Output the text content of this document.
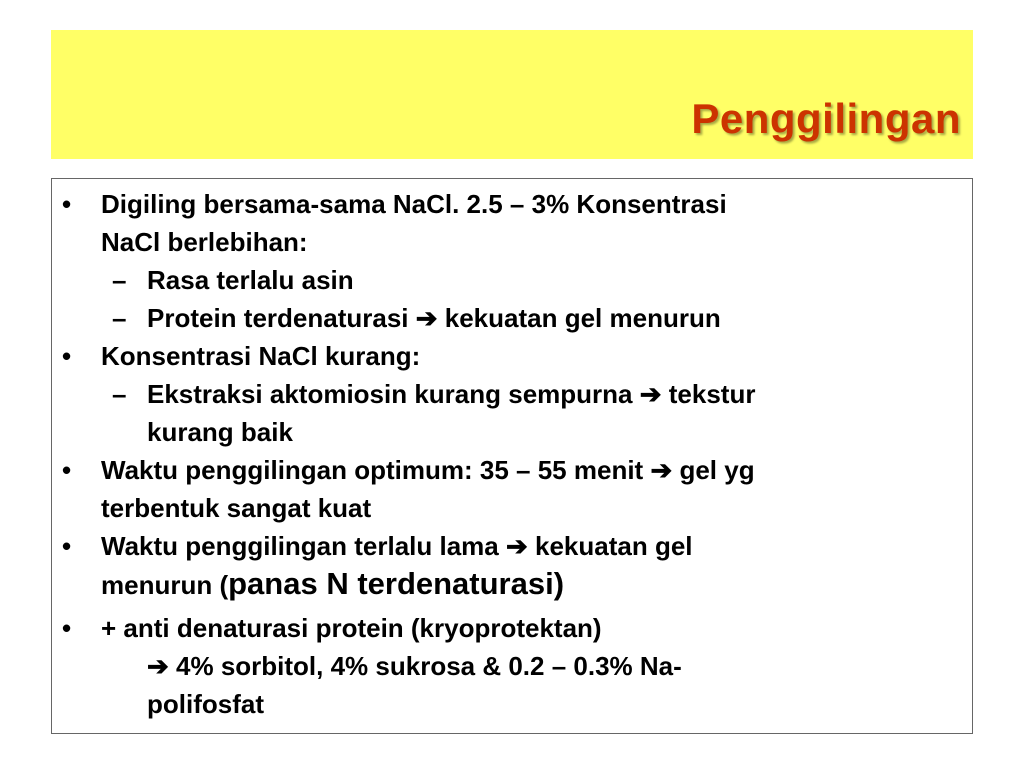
Penggilingan
• Digiling bersama-sama NaCl. 2.5 – 3% Konsentrasi
NaCl berlebihan:
– Rasa terlalu asin
– Protein terdenaturasi ➔ kekuatan gel menurun
• Konsentrasi NaCl kurang:
– Ekstraksi aktomiosin kurang sempurna ➔ tekstur
kurang baik
• Waktu penggilingan optimum: 35 – 55 menit ➔ gel yg
terbentuk sangat kuat
• Waktu penggilingan terlalu lama ➔ kekuatan gel
menurun (panas N terdenaturasi)
• + anti denaturasi protein (kryoprotektan)
➔ 4% sorbitol, 4% sukrosa & 0.2 – 0.3% Na-
polifosfat
